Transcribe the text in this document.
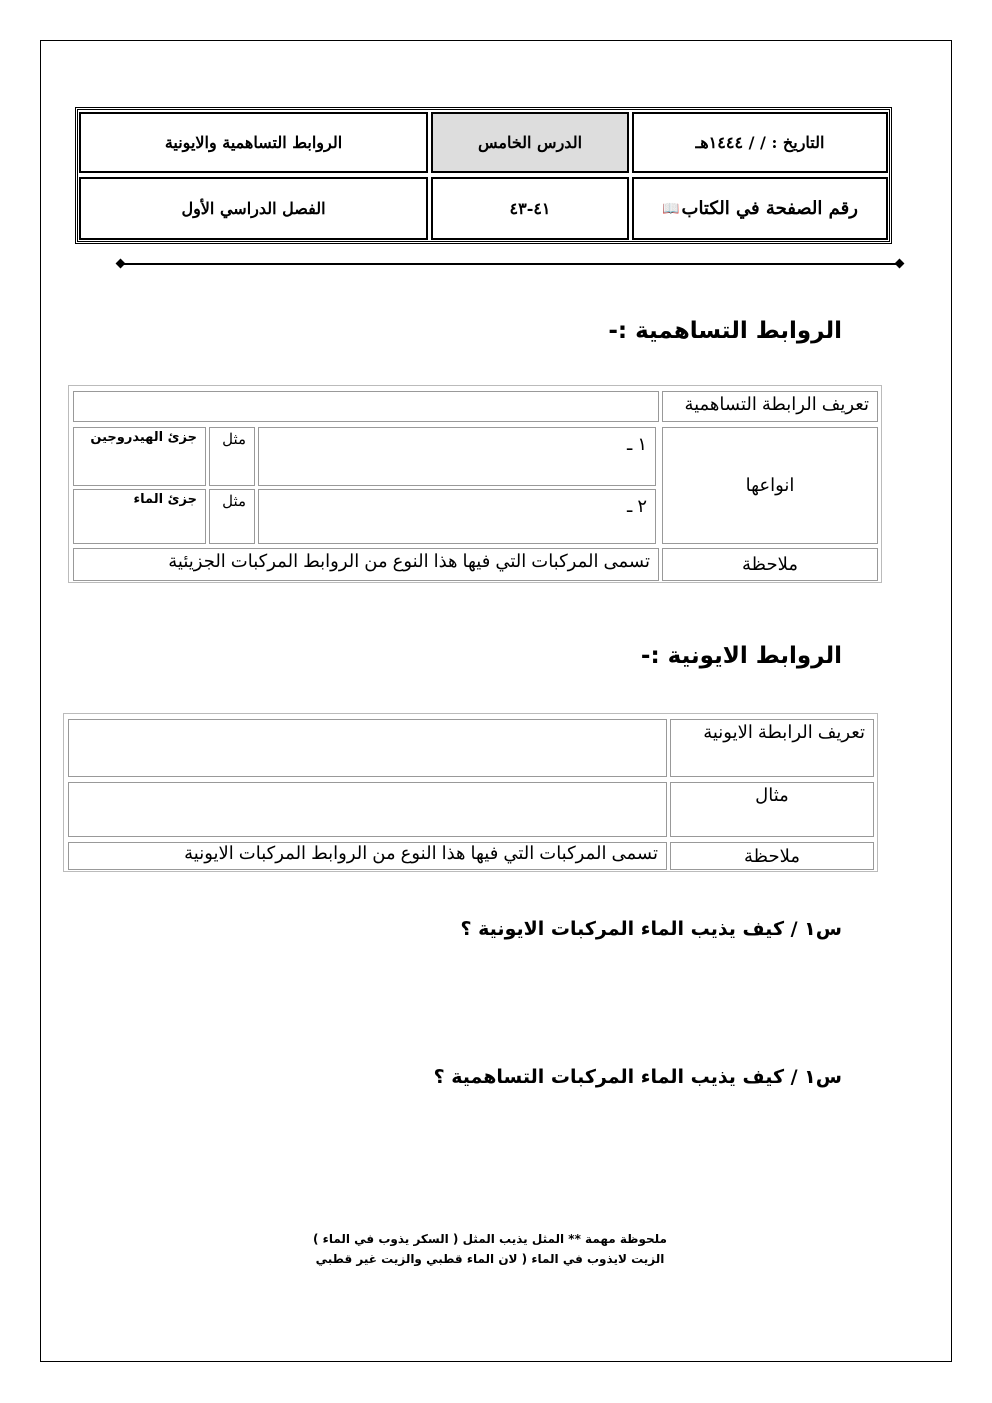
التاريخ : / / ١٤٤٤هـ
الدرس الخامس
الروابط التساهمية والايونية
رقم الصفحة في الكتاب
📖
٤١-٤٣
الفصل الدراسي الأول
الروابط التساهمية :-
تعريف الرابطة التساهمية
انواعها
١ ـ
مثل
جزئ الهيدروجين
٢ ـ
مثل
جزئ الماء
ملاحظة
تسمى المركبات التي فيها هذا النوع من الروابط المركبات الجزيئية
الروابط الايونية :-
تعريف الرابطة الايونية
مثال
ملاحظة
تسمى المركبات التي فيها هذا النوع من الروابط المركبات الايونية
س١ / كيف يذيب الماء المركبات الايونية ؟
س١ / كيف يذيب الماء المركبات التساهمية ؟
ملحوظة مهمة ** المثل يذيب المثل ( السكر يذوب في الماء )
الزيت لايذوب في الماء ( لان الماء قطبي والزيت غير قطبي
